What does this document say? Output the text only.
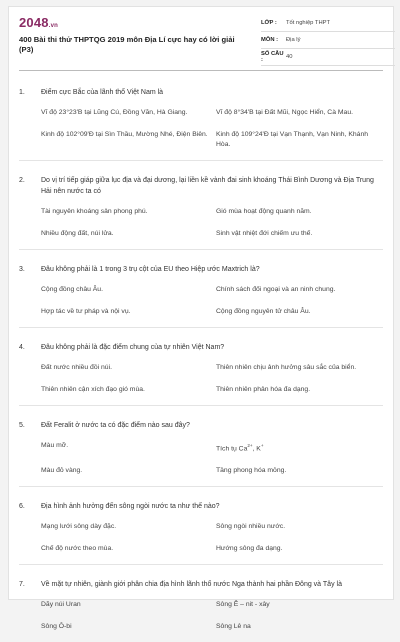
2048.vn
400 Bài thi thử THPTQG 2019 môn Địa Lí cực hay có lời giải (P3)
LỚP :	Tốt nghiệp THPT
MÔN :	Địa lý
SỐ CÂU :	40
1.	Điểm cực Bắc của lãnh thổ Việt Nam là
Vĩ độ 23°23'B tại Lũng Cú, Đồng Văn, Hà Giang.	Vĩ độ 8°34'B tại Đất Mũi, Ngọc Hiển, Cà Mau.
Kinh độ 102°09'Đ tại Sìn Thầu, Mường Nhé, Điện Biên. Kinh độ 109°24'Đ tại Vạn Thạnh, Vạn Ninh, Khánh Hòa.
2.	Do vị trí tiếp giáp giữa lục địa và đại dương, lại liền kề vành đai sinh khoáng Thái Bình Dương và Địa Trung Hải nên nước ta có
Tài nguyên khoáng sản phong phú.	Gió mùa hoạt động quanh năm.
Nhiều động đất, núi lửa.	Sinh vật nhiệt đới chiếm ưu thế.
3.	Đâu không phải là 1 trong 3 trụ cột của EU theo Hiệp ước Maxtrich là?
Cộng đồng châu Âu.	Chính sách đối ngoại và an ninh chung.
Hợp tác về tư pháp và nội vụ.	Cộng đồng nguyên tử châu Âu.
4.	Đâu không phải là đặc điểm chung của tự nhiên Việt Nam?
Đất nước nhiều đồi núi.	Thiên nhiên chịu ảnh hưởng sâu sắc của biển.
Thiên nhiên cận xích đạo gió mùa.	Thiên nhiên phân hóa đa dạng.
5.	Đất Feralit ở nước ta có đặc điểm nào sau đây?
Màu mỡ.	Tích tụ $Ca^{2+}$, K+
Màu đỏ vàng.	Tầng phong hóa mỏng.
6.	Địa hình ảnh hưởng đến sông ngòi nước ta như thế nào?
Mạng lưới sông dày đặc.	Sông ngòi nhiều nước.
Chế độ nước theo mùa.	Hướng sông đa dạng.
7.	Về mặt tự nhiên, giành giới phân chia địa hình lãnh thổ nước Nga thành hai phần Đông và Tây là
Dãy núi Uran	Sông Ê – nit - xây
Sông Ô-bi	Sông Lê na
